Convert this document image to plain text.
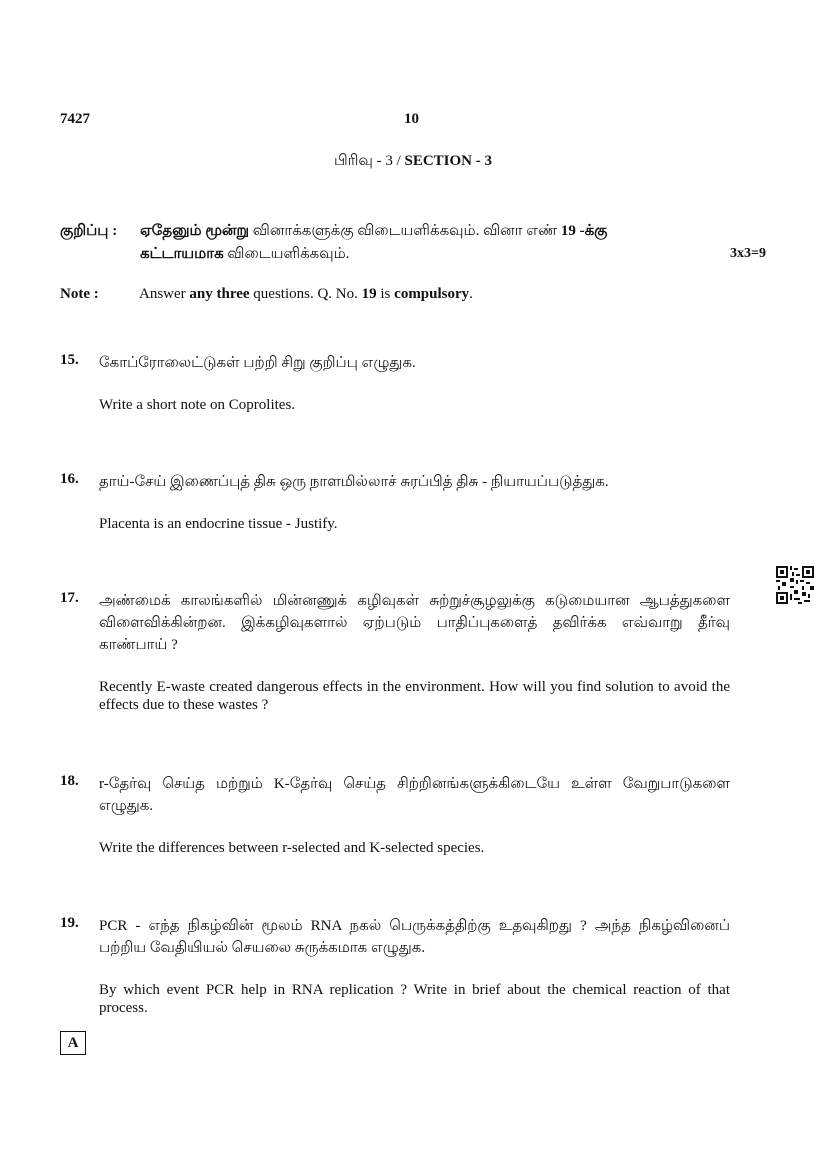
7427	10
பிரிவு - 3 / SECTION - 3
குறிப்பு : ஏதேனும் மூன்று வினாக்களுக்கு விடையளிக்கவும். வினா எண் 19 -க்கு
கட்டாயமாக விடையளிக்கவும்.	3x3=9
Note :	Answer any three questions. Q. No. 19 is compulsory.
15. கோப்ரோலைட்டுகள் பற்றி சிறு குறிப்பு எழுதுக.
Write a short note on Coprolites.
16. தாய்-சேய் இணைப்புத் திசு ஒரு நாளமில்லாச் சுரப்பித் திசு - நியாயப்படுத்துக.
Placenta is an endocrine tissue - Justify.
17. அண்மைக் காலங்களில் மின்னணுக் கழிவுகள் சுற்றுச்சூழலுக்கு கடுமையான ஆபத்துகளை விளைவிக்கின்றன. இக்கழிவுகளால் ஏற்படும் பாதிப்புகளைத் தவிர்க்க எவ்வாறு தீர்வு காண்பாய் ?
Recently E-waste created dangerous effects in the environment. How will you find solution to avoid the effects due to these wastes ?
18. r-தேர்வு செய்த மற்றும் K-தேர்வு செய்த சிற்றினங்களுக்கிடையே உள்ள வேறுபாடுகளை எழுதுக.
Write the differences between r-selected and K-selected species.
19. PCR - எந்த நிகழ்வின் மூலம் RNA நகல் பெருக்கத்திற்கு உதவுகிறது ? அந்த நிகழ்வினைப் பற்றிய வேதியியல் செயலை சுருக்கமாக எழுதுக.
By which event PCR help in RNA replication ? Write in brief about the chemical reaction of that process.
A
